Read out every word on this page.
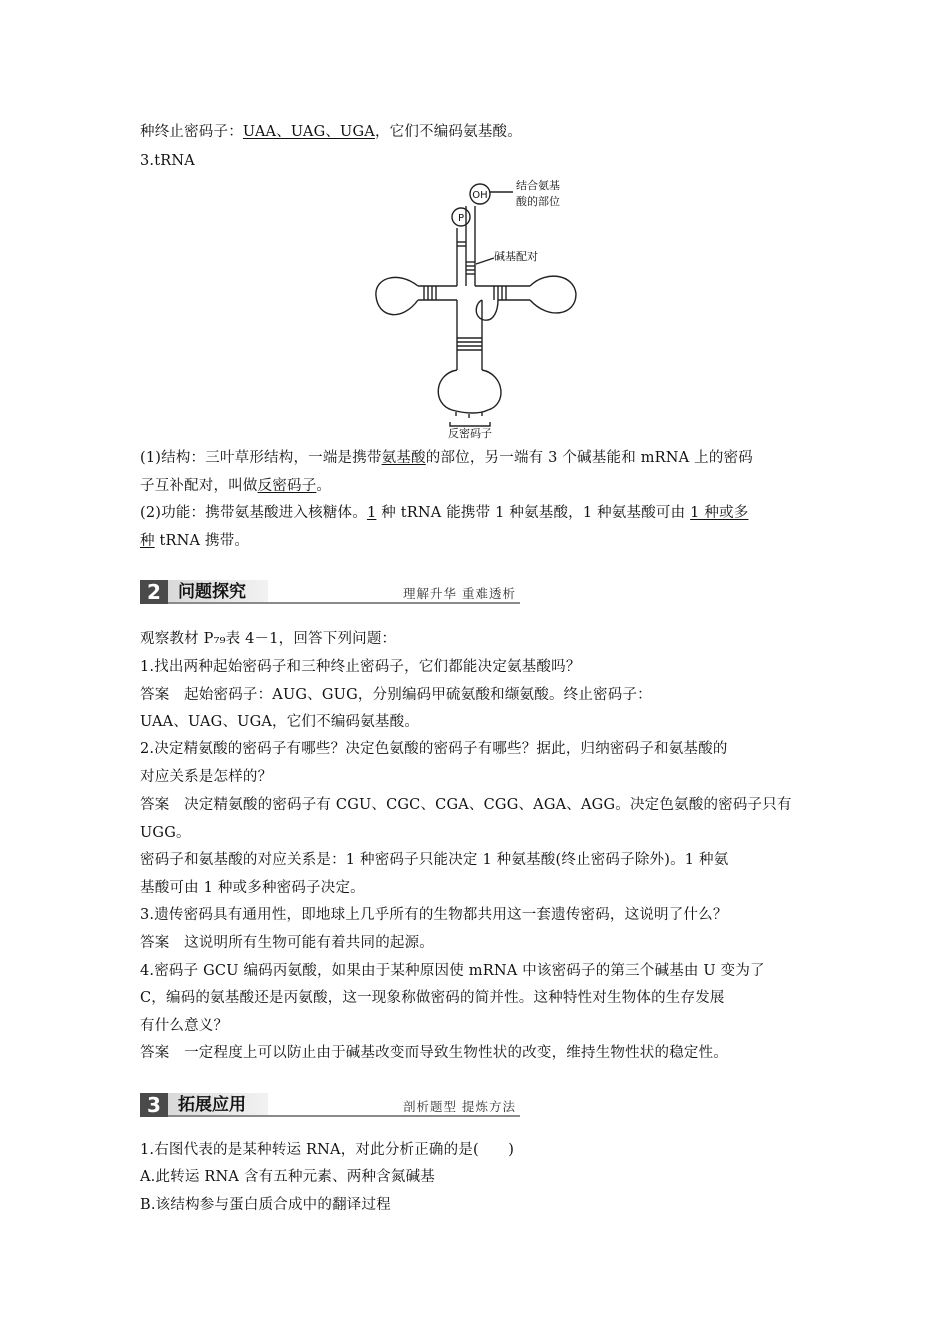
种终止密码子：UAA、UAG、UGA，它们不编码氨基酸。
3.tRNA
(1)结构：三叶草形结构，一端是携带氨基酸的部位，另一端有 3 个碱基能和 mRNA 上的密码
子互补配对，叫做反密码子。
(2)功能：携带氨基酸进入核糖体。1 种 tRNA 能携带 1 种氨基酸，1 种氨基酸可由 1 种或多
种 tRNA 携带。
2	问题探究	理解升华 重难透析
观察教材 P₇₉表 4－1，回答下列问题：
1.找出两种起始密码子和三种终止密码子，它们都能决定氨基酸吗？
答案　起始密码子：AUG、GUG，分别编码甲硫氨酸和缬氨酸。终止密码子：
UAA、UAG、UGA，它们不编码氨基酸。
2.决定精氨酸的密码子有哪些？决定色氨酸的密码子有哪些？据此，归纳密码子和氨基酸的
对应关系是怎样的？
答案　决定精氨酸的密码子有 CGU、CGC、CGA、CGG、AGA、AGG。决定色氨酸的密码子只有
UGG。
密码子和氨基酸的对应关系是：1 种密码子只能决定 1 种氨基酸(终止密码子除外)。1 种氨
基酸可由 1 种或多种密码子决定。
3.遗传密码具有通用性，即地球上几乎所有的生物都共用这一套遗传密码，这说明了什么？
答案　这说明所有生物可能有着共同的起源。
4.密码子 GCU 编码丙氨酸，如果由于某种原因使 mRNA 中该密码子的第三个碱基由 U 变为了
C，编码的氨基酸还是丙氨酸，这一现象称做密码的简并性。这种特性对生物体的生存发展
有什么意义？
答案　一定程度上可以防止由于碱基改变而导致生物性状的改变，维持生物性状的稳定性。
3	拓展应用	剖析题型 提炼方法
1.右图代表的是某种转运 RNA，对此分析正确的是(　　)
A.此转运 RNA 含有五种元素、两种含氮碱基
B.该结构参与蛋白质合成中的翻译过程
OH
P
结合氨基
酸的部位
碱基配对
反密码子
